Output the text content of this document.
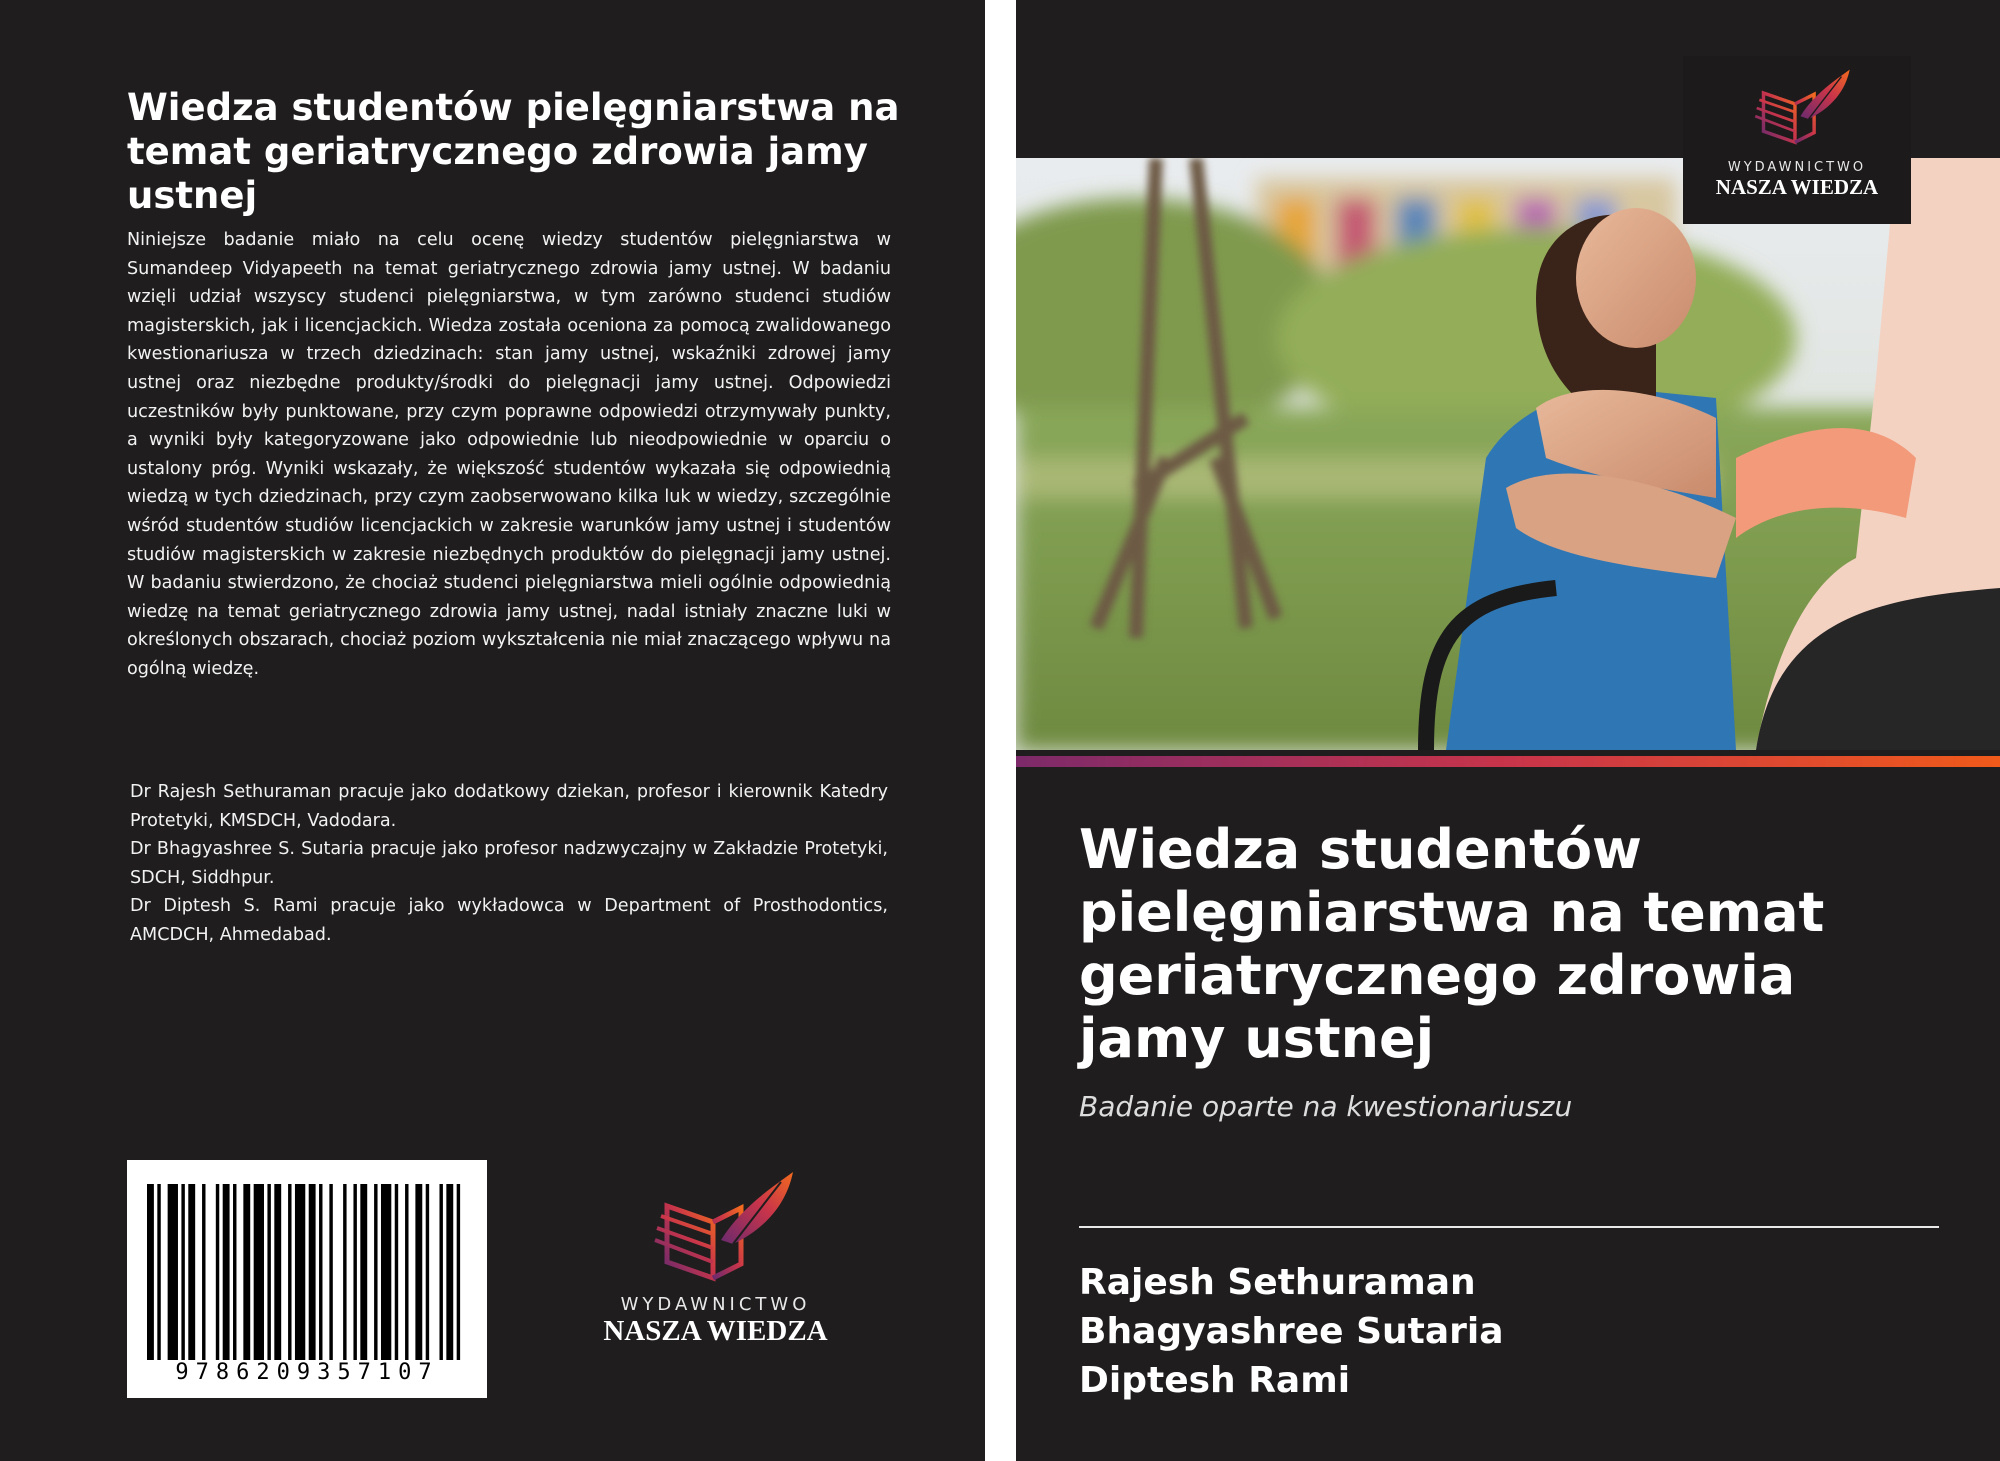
Wiedza studentów pielęgniarstwa na temat geriatrycznego zdrowia jamy ustnej

Niniejsze badanie miało na celu ocenę wiedzy studentów pielęgniarstwa w Sumandeep Vidyapeeth na temat geriatrycznego zdrowia jamy ustnej. W badaniu wzięli udział wszyscy studenci pielęgniarstwa, w tym zarówno studenci studiów magisterskich, jak i licencjackich. Wiedza została oceniona za pomocą zwalidowanego kwestionariusza w trzech dziedzinach: stan jamy ustnej, wskaźniki zdrowej jamy ustnej oraz niezbędne produkty/środki do pielęgnacji jamy ustnej. Odpowiedzi uczestników były punktowane, przy czym poprawne odpowiedzi otrzymywały punkty, a wyniki były kategoryzowane jako odpowiednie lub nieodpowiednie w oparciu o ustalony próg. Wyniki wskazały, że większość studentów wykazała się odpowiednią wiedzą w tych dziedzinach, przy czym zaobserwowano kilka luk w wiedzy, szczególnie wśród studentów studiów licencjackich w zakresie warunków jamy ustnej i studentów studiów magisterskich w zakresie niezbędnych produktów do pielęgnacji jamy ustnej. W badaniu stwierdzono, że chociaż studenci pielęgniarstwa mieli ogólnie odpowiednią wiedzę na temat geriatrycznego zdrowia jamy ustnej, nadal istniały znaczne luki w określonych obszarach, chociaż poziom wykształcenia nie miał znaczącego wpływu na ogólną wiedzę.

Dr Rajesh Sethuraman pracuje jako dodatkowy dziekan, profesor i kierownik Katedry Protetyki, KMSDCH, Vadodara.

Dr Bhagyashree S. Sutaria pracuje jako profesor nadzwyczajny w Zakładzie Protetyki, SDCH, Siddhpur.

Dr Diptesh S. Rami pracuje jako wykładowca w Department of Prosthodontics, AMCDCH, Ahmedabad.

9786209357107
WYDAWNICTWO
NASZA WIEDZA
WYDAWNICTWO
NASZA WIEDZA
Wiedza studentów pielęgniarstwa na temat geriatrycznego zdrowia jamy ustnej

Badanie oparte na kwestionariuszu

Rajesh Sethuraman
Bhagyashree Sutaria
Diptesh Rami
